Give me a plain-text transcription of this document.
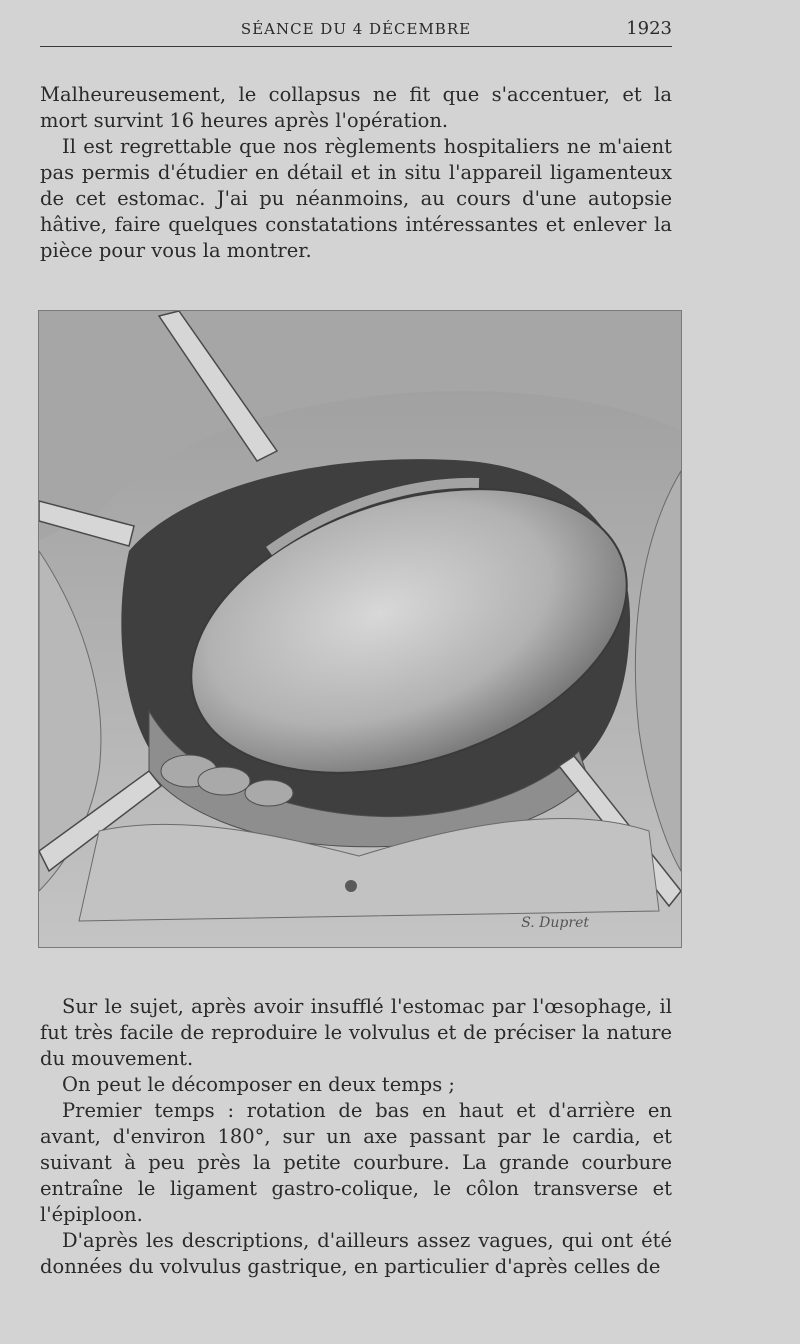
SÉANCE DU 4 DÉCEMBRE	1923

Malheureusement, le collapsus ne fit que s'accentuer, et la mort survint 16 heures après l'opération.

Il est regrettable que nos règlements hospitaliers ne m'aient pas permis d'étudier en détail et in situ l'appareil ligamenteux de cet estomac. J'ai pu néanmoins, au cours d'une autopsie hâtive, faire quelques constatations intéressantes et enlever la pièce pour vous la montrer.

S. Dupret

Sur le sujet, après avoir insufflé l'estomac par l'œsophage, il fut très facile de reproduire le volvulus et de préciser la nature du mouvement.

On peut le décomposer en deux temps ;

Premier temps : rotation de bas en haut et d'arrière en avant, d'environ 180°, sur un axe passant par le cardia, et suivant à peu près la petite courbure. La grande courbure entraîne le ligament gastro-colique, le côlon transverse et l'épiploon.

D'après les descriptions, d'ailleurs assez vagues, qui ont été données du volvulus gastrique, en particulier d'après celles de
